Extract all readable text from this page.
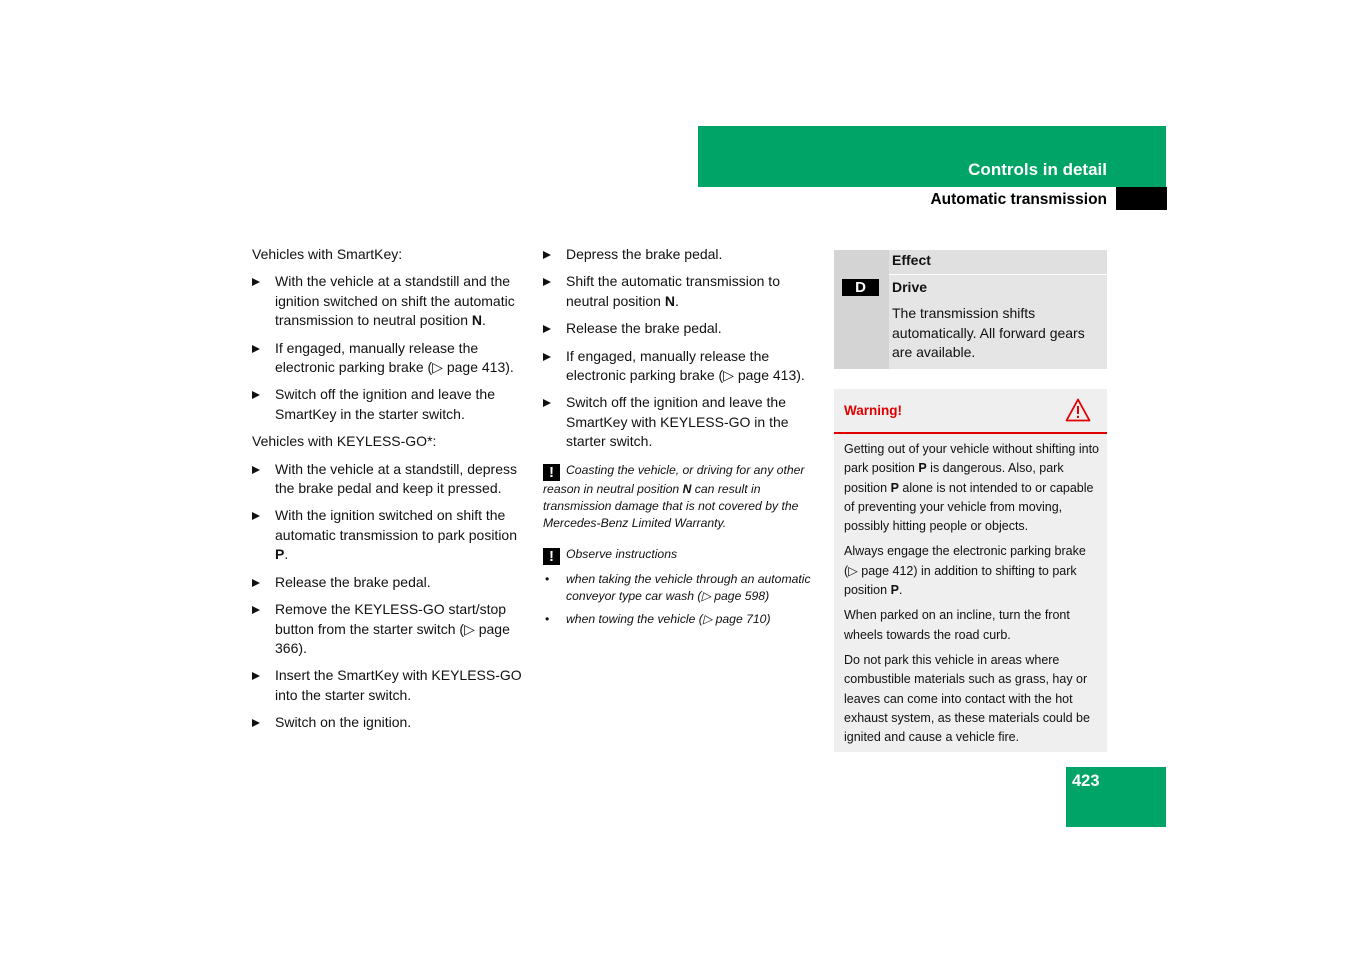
Controls in detail
Automatic transmission
Vehicles with SmartKey:
With the vehicle at a standstill and the ignition switched on shift the automatic transmission to neutral position N.
If engaged, manually release the electronic parking brake (▷ page 413).
Switch off the ignition and leave the SmartKey in the starter switch.
Vehicles with KEYLESS-GO*:
With the vehicle at a standstill, depress the brake pedal and keep it pressed.
With the ignition switched on shift the automatic transmission to park position P.
Release the brake pedal.
Remove the KEYLESS-GO start/stop button from the starter switch (▷ page 366).
Insert the SmartKey with KEYLESS-GO into the starter switch.
Switch on the ignition.
Depress the brake pedal.
Shift the automatic transmission to neutral position N.
Release the brake pedal.
If engaged, manually release the electronic parking brake (▷ page 413).
Switch off the ignition and leave the SmartKey with KEYLESS-GO in the starter switch.
! Coasting the vehicle, or driving for any other reason in neutral position N can result in transmission damage that is not covered by the Mercedes-Benz Limited Warranty.
! Observe instructions
• when taking the vehicle through an automatic conveyor type car wash (▷ page 598)
• when towing the vehicle (▷ page 710)
Effect
D	Drive
The transmission shifts automatically. All forward gears are available.
Warning!

Getting out of your vehicle without shifting into park position P is dangerous. Also, park position P alone is not intended to or capable of preventing your vehicle from moving, possibly hitting people or objects.

Always engage the electronic parking brake (▷ page 412) in addition to shifting to park position P.

When parked on an incline, turn the front wheels towards the road curb.

Do not park this vehicle in areas where combustible materials such as grass, hay or leaves can come into contact with the hot exhaust system, as these materials could be ignited and cause a vehicle fire.

423
